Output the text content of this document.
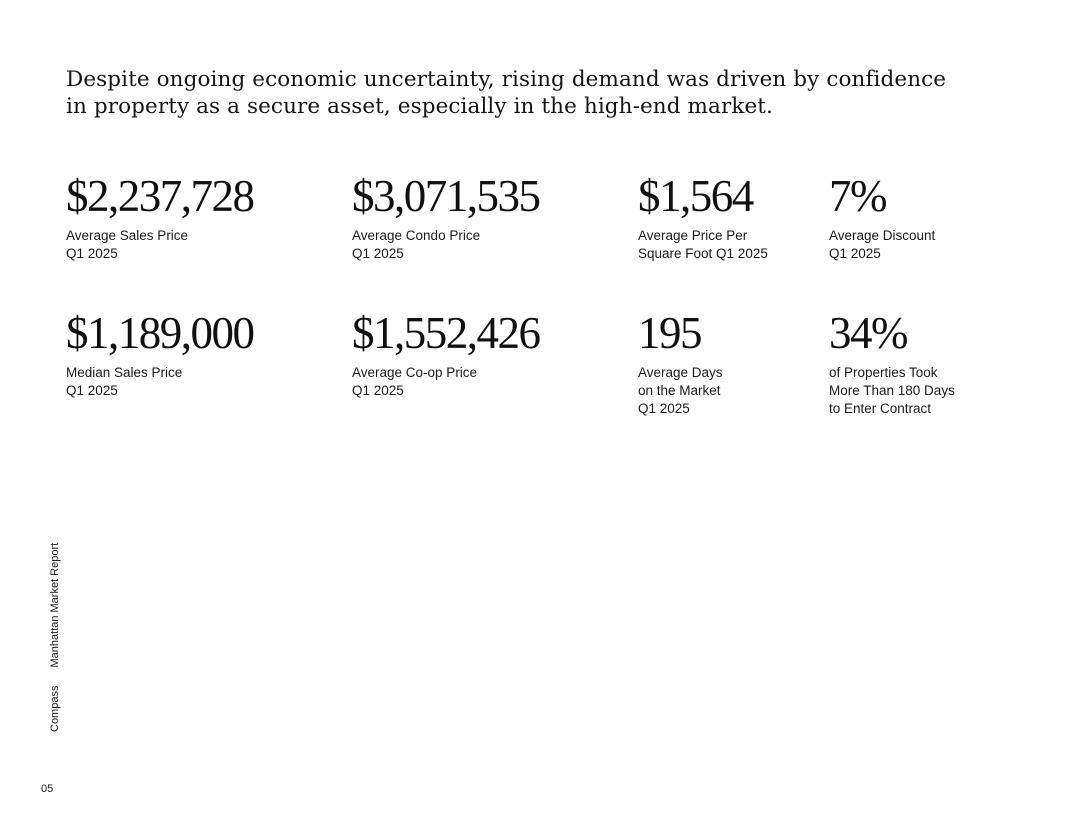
Despite ongoing economic uncertainty, rising demand was driven by confidence
in property as a secure asset, especially in the high-end market.

$2,237,728
Average Sales Price
Q1 2025
$3,071,535
Average Condo Price
Q1 2025
$1,564
Average Price Per
Square Foot Q1 2025
7%
Average Discount
Q1 2025
$1,189,000
Median Sales Price
Q1 2025
$1,552,426
Average Co-op Price
Q1 2025
195
Average Days
on the Market
Q1 2025
34%
of Properties Took
More Than 180 Days
to Enter Contract
CompassManhattan Market Report
05
